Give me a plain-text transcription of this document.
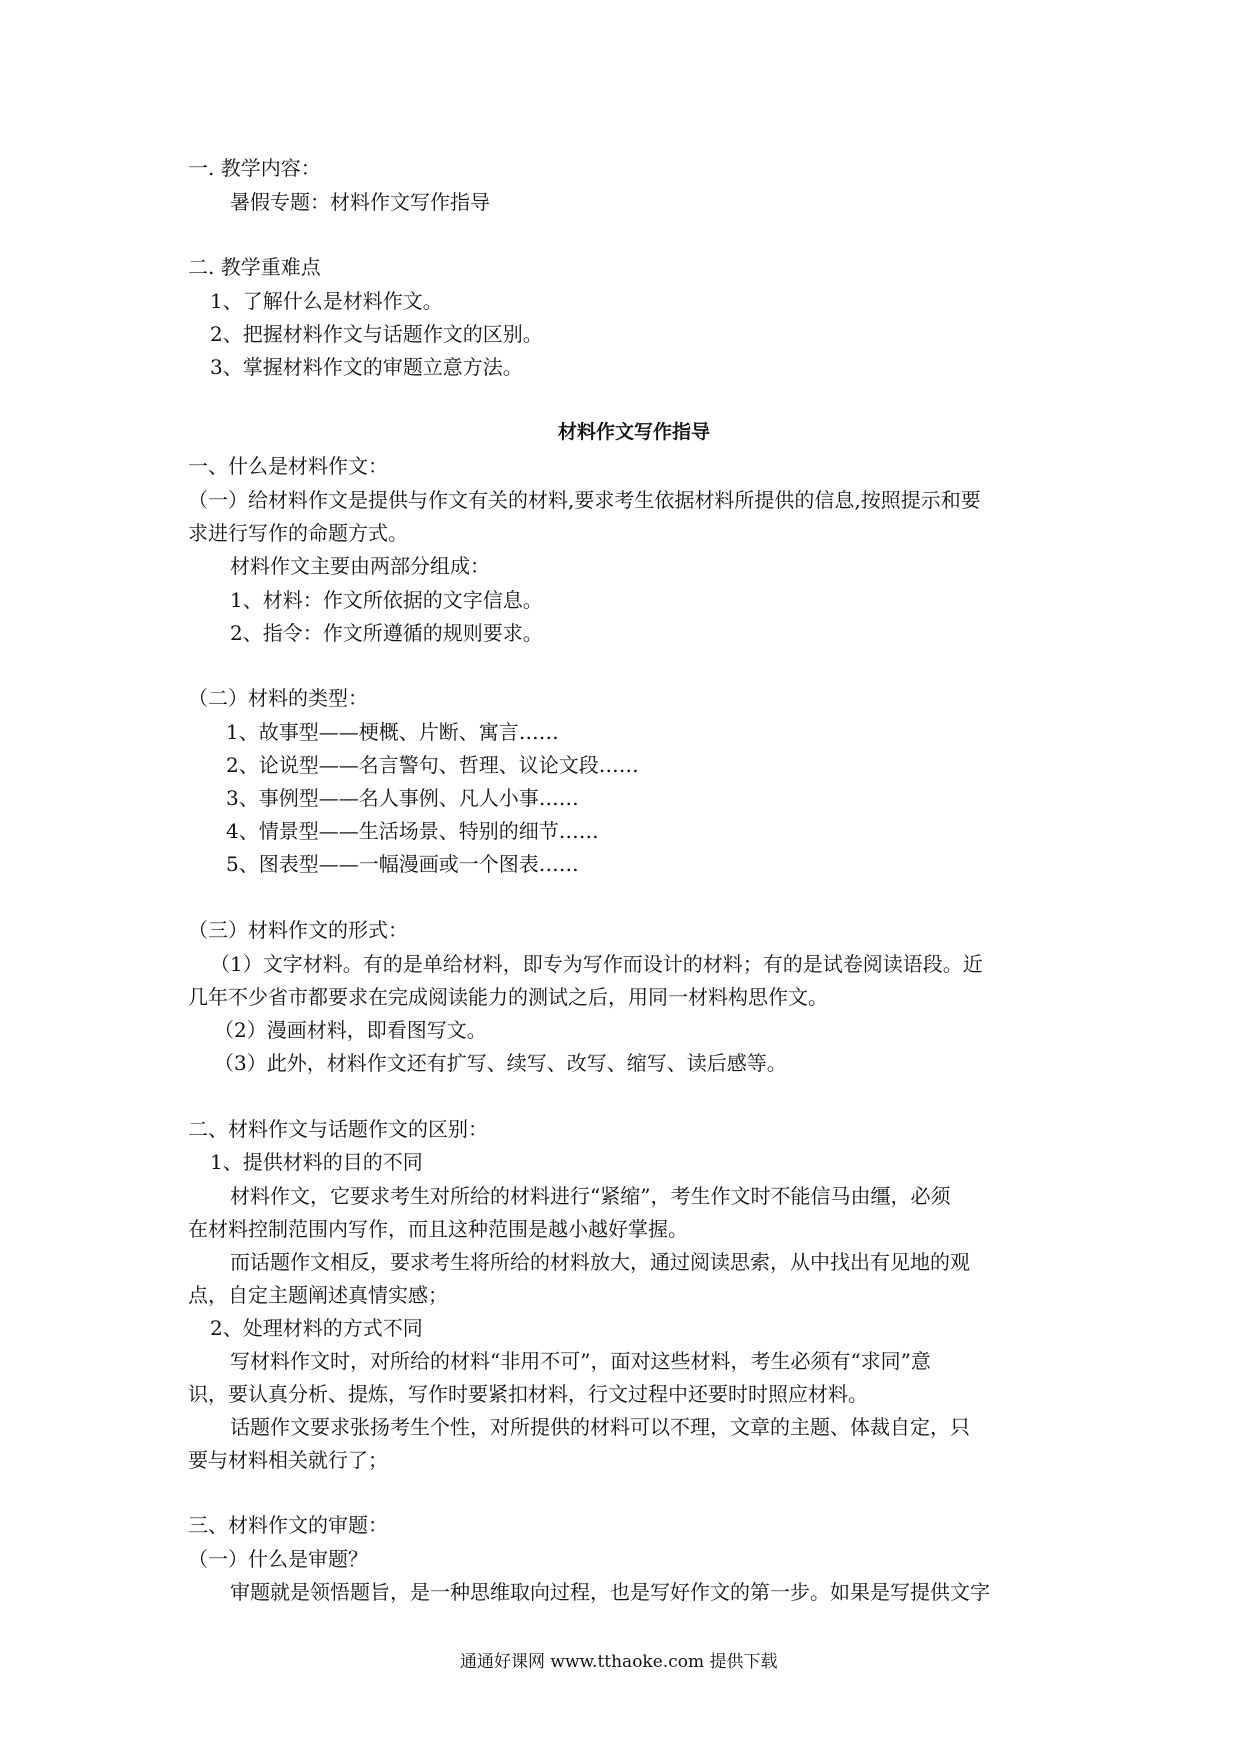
一. 教学内容：

暑假专题：材料作文写作指导

二. 教学重难点

1、了解什么是材料作文。

2、把握材料作文与话题作文的区别。

3、掌握材料作文的审题立意方法。

材料作文写作指导

一、什么是材料作文：

（一）给材料作文是提供与作文有关的材料,要求考生依据材料所提供的信息,按照提示和要

求进行写作的命题方式。

材料作文主要由两部分组成：

1、材料：作文所依据的文字信息。

2、指令：作文所遵循的规则要求。

（二）材料的类型：

1、故事型——梗概、片断、寓言……

2、论说型——名言警句、哲理、议论文段……

3、事例型——名人事例、凡人小事……

4、情景型——生活场景、特别的细节……

5、图表型——一幅漫画或一个图表……

（三）材料作文的形式：

（1）文字材料。有的是单给材料，即专为写作而设计的材料；有的是试卷阅读语段。近

几年不少省市都要求在完成阅读能力的测试之后，用同一材料构思作文。

（2）漫画材料，即看图写文。

（3）此外，材料作文还有扩写、续写、改写、缩写、读后感等。

二、材料作文与话题作文的区别：

1、提供材料的目的不同

材料作文，它要求考生对所给的材料进行“紧缩”，考生作文时不能信马由缰，必须

在材料控制范围内写作，而且这种范围是越小越好掌握。

而话题作文相反，要求考生将所给的材料放大，通过阅读思索，从中找出有见地的观

点，自定主题阐述真情实感；

2、处理材料的方式不同

写材料作文时，对所给的材料“非用不可”，面对这些材料，考生必须有“求同”意

识，要认真分析、提炼，写作时要紧扣材料，行文过程中还要时时照应材料。

话题作文要求张扬考生个性，对所提供的材料可以不理，文章的主题、体裁自定，只

要与材料相关就行了；

三、材料作文的审题：

（一）什么是审题？

审题就是领悟题旨，是一种思维取向过程，也是写好作文的第一步。如果是写提供文字

通通好课网 www.tthaoke.com 提供下载
